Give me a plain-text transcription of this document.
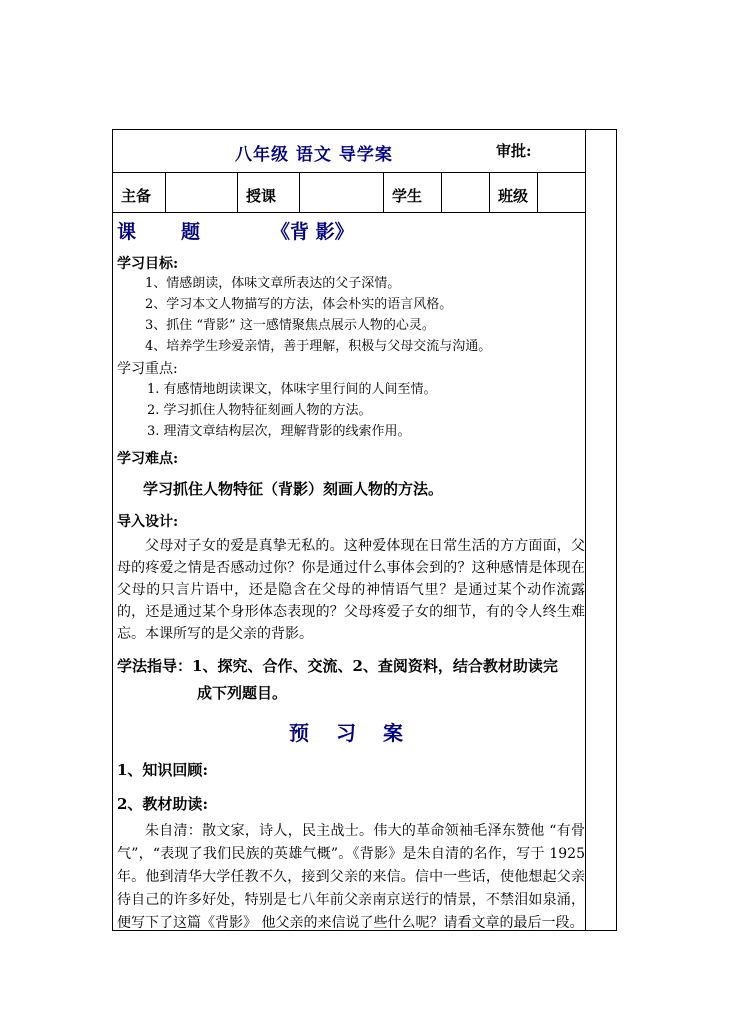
八年级 语文 导学案	审批:
主备	授课	学生	班级
课 题	《背 影》
学习目标:
1、情感朗读，体味文章所表达的父子深情。
2、学习本文人物描写的方法，体会朴实的语言风格。
3、抓住 “背影” 这一感情聚焦点展示人物的心灵。
4、培养学生珍爱亲情，善于理解，积极与父母交流与沟通。
学习重点:
1. 有感情地朗读课文，体味字里行间的人间至情。
2. 学习抓住人物特征刻画人物的方法。
3. 理清文章结构层次，理解背影的线索作用。
学习难点:
学习抓住人物特征（背影）刻画人物的方法。
导入设计:
父母对子女的爱是真挚无私的。这种爱体现在日常生活的方方面面，父母的疼爱之情是否感动过你？你是通过什么事体会到的？这种感情是体现在父母的只言片语中，还是隐含在父母的神情语气里？是通过某个动作流露的，还是通过某个身形体态表现的？父母疼爱子女的细节，有的令人终生难忘。本课所写的是父亲的背影。
学法指导：1、探究、合作、交流、2、查阅资料，结合教材助读完
成下列题目。
预 习 案
1、知识回顾:
2、教材助读:
朱自清：散文家，诗人，民主战士。伟大的革命领袖毛泽东赞他 “有骨气”，“表现了我们民族的英雄气概”。《背影》是朱自清的名作，写于 1925年。他到清华大学任教不久，接到父亲的来信。信中一些话，使他想起父亲待自己的许多好处，特别是七八年前父亲南京送行的情景，不禁泪如泉涌，便写下了这篇《背影》 他父亲的来信说了些什么呢？请看文章的最后一段。
